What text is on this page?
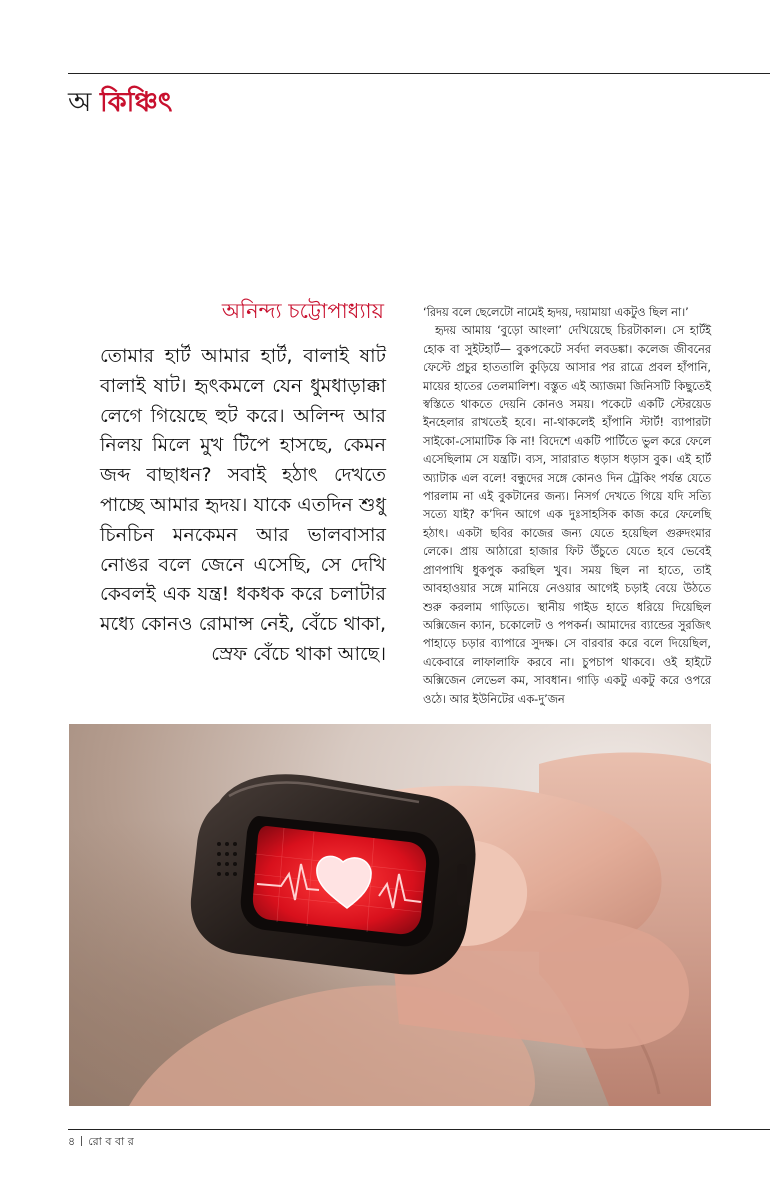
অ কিঞ্চিৎ
অনিন্দ্য চট্টোপাধ্যায়

তোমার হার্ট আমার হার্ট, বালাই ষাট বালাই ষাট। হৃৎকমলে যেন ধুমধাড়াক্কা লেগে গিয়েছে হুট করে। অলিন্দ আর নিলয় মিলে মুখ টিপে হাসছে, কেমন জব্দ বাছাধন? সবাই হঠাৎ দেখতে পাচ্ছে আমার হৃদয়। যাকে এতদিন শুধু চিনচিন মনকেমন আর ভালবাসার নোঙর বলে জেনে এসেছি, সে দেখি কেবলই এক যন্ত্র! ধকধক করে চলাটার মধ্যে কোনও রোমান্স নেই, বেঁচে থাকা, স্রেফ বেঁচে থাকা আছে।

‘রিদয় বলে ছেলেটো নামেই হৃদয়, দয়ামায়া একটুও ছিল না।’

হৃদয় আমায় ‘বুড়ো আংলা’ দেখিয়েছে চিরটাকাল। সে হার্টই হোক বা সুইটহার্ট— বুকপকেটে সর্বদা লবডঙ্কা। কলেজ জীবনের ফেস্টে প্রচুর হাততালি কুড়িয়ে আসার পর রাত্রে প্রবল হাঁপানি, মায়ের হাতের তেলমালিশ। বস্তুত এই অ্যাজমা জিনিসটি কিছুতেই স্বস্তিতে থাকতে দেয়নি কোনও সময়। পকেটে একটি স্টেরয়েড ইনহেলার রাখতেই হবে। না-থাকলেই হাঁপানি স্টার্ট! ব্যাপারটা সাইকো-সোমাটিক কি না! বিদেশে একটি পার্টিতে ভুল করে ফেলে এসেছিলাম সে যন্ত্রটি। ব্যস, সারারাত ধড়াস ধড়াস বুক। এই হার্ট অ্যাটাক এল বলে! বন্ধুদের সঙ্গে কোনও দিন ট্রেকিং পর্যন্ত যেতে পারলাম না এই বুকটানের জন্য। নিসর্গ দেখতে গিয়ে যদি সত্যি সত্যে যাই? ক’দিন আগে এক দুঃসাহসিক কাজ করে ফেলেছি হঠাৎ। একটা ছবির কাজের জন্য যেতে হয়েছিল গুরুদংমার লেকে। প্রায় আঠারো হাজার ফিট উঁচুতে যেতে হবে ভেবেই প্রাণপাখি ধুকপুক করছিল খুব। সময় ছিল না হাতে, তাই আবহাওয়ার সঙ্গে মানিয়ে নেওয়ার আগেই চড়াই বেয়ে উঠতে শুরু করলাম গাড়িতে। স্থানীয় গাইড হাতে ধরিয়ে দিয়েছিল অক্সিজেন ক্যান, চকোলেট ও পপকর্ন। আমাদের ব্যান্ডের সুরজিৎ পাহাড়ে চড়ার ব্যাপারে সুদক্ষ। সে বারবার করে বলে দিয়েছিল, একেবারে লাফালাফি করবে না। চুপচাপ থাকবে। ওই হাইটে অক্সিজেন লেভেল কম, সাবধান। গাড়ি একটু একটু করে ওপরে ওঠে। আর ইউনিটের এক-দু’জন

৪ রো ব বা র
